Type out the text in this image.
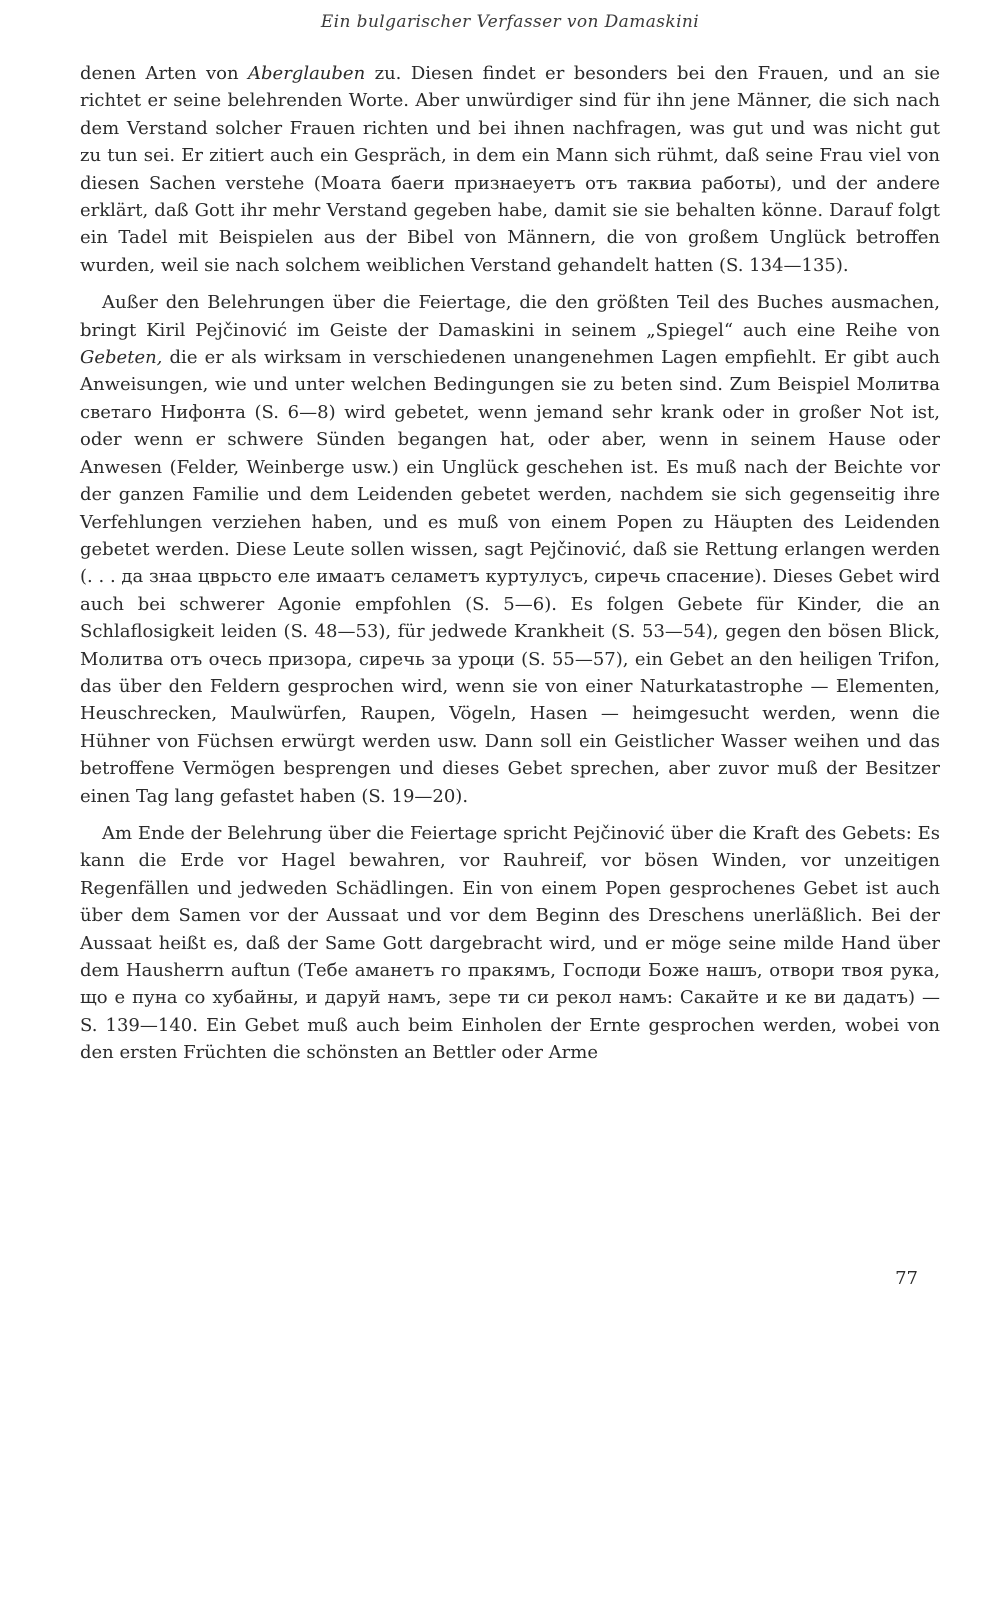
Ein bulgarischer Verfasser von Damaskini

denen Arten von Aberglauben zu. Diesen findet er besonders bei den Frauen, und an sie richtet er seine belehrenden Worte. Aber unwürdiger sind für ihn jene Männer, die sich nach dem Verstand solcher Frauen richten und bei ihnen nachfragen, was gut und was nicht gut zu tun sei. Er zitiert auch ein Gespräch, in dem ein Mann sich rühmt, daß seine Frau viel von diesen Sachen verstehe (Моата баеги признаеуетъ отъ таквиа работы), und der andere erklärt, daß Gott ihr mehr Verstand gegeben habe, damit sie sie behalten könne. Darauf folgt ein Tadel mit Beispielen aus der Bibel von Männern, die von großem Unglück betroffen wurden, weil sie nach solchem weiblichen Verstand gehandelt hatten (S. 134—135).

Außer den Belehrungen über die Feiertage, die den größten Teil des Buches ausmachen, bringt Kiril Pejčinović im Geiste der Damaskini in seinem „Spiegel“ auch eine Reihe von Gebeten, die er als wirksam in verschiedenen unangenehmen Lagen empfiehlt. Er gibt auch Anweisungen, wie und unter welchen Bedingungen sie zu beten sind. Zum Beispiel Молитва светаго Нифонта (S. 6—8) wird gebetet, wenn jemand sehr krank oder in großer Not ist, oder wenn er schwere Sünden begangen hat, oder aber, wenn in seinem Hause oder Anwesen (Felder, Weinberge usw.) ein Unglück geschehen ist. Es muß nach der Beichte vor der ganzen Familie und dem Leidenden gebetet werden, nachdem sie sich gegenseitig ihre Verfehlungen verziehen haben, und es muß von einem Popen zu Häupten des Leidenden gebetet werden. Diese Leute sollen wissen, sagt Pejčinović, daß sie Rettung erlangen werden (. . . да знаа цврьсто еле имаатъ селаметъ куртулусъ, сиречь спасение). Dieses Gebet wird auch bei schwerer Agonie empfohlen (S. 5—6). Es folgen Gebete für Kinder, die an Schlaflosigkeit leiden (S. 48—53), für jedwede Krankheit (S. 53—54), gegen den bösen Blick, Молитва отъ очесь призора, сиречь за уроци (S. 55—57), ein Gebet an den heiligen Trifon, das über den Feldern gesprochen wird, wenn sie von einer Naturkatastrophe — Elementen, Heuschrecken, Maulwürfen, Raupen, Vögeln, Hasen — heimgesucht werden, wenn die Hühner von Füchsen erwürgt werden usw. Dann soll ein Geistlicher Wasser weihen und das betroffene Vermögen besprengen und dieses Gebet sprechen, aber zuvor muß der Besitzer einen Tag lang gefastet haben (S. 19—20).

Am Ende der Belehrung über die Feiertage spricht Pejčinović über die Kraft des Gebets: Es kann die Erde vor Hagel bewahren, vor Rauhreif, vor bösen Winden, vor unzeitigen Regenfällen und jedweden Schädlingen. Ein von einem Popen gesprochenes Gebet ist auch über dem Samen vor der Aussaat und vor dem Beginn des Dreschens unerläßlich. Bei der Aussaat heißt es, daß der Same Gott dargebracht wird, und er möge seine milde Hand über dem Hausherrn auftun (Тебе аманетъ го пракямъ, Господи Боже нашъ, отвори твоя рука, що е пуна со хубайны, и даруй намъ, зере ти си рекол намъ: Сакайте и ке ви дадатъ) — S. 139—140. Ein Gebet muß auch beim Einholen der Ernte gesprochen werden, wobei von den ersten Früchten die schönsten an Bettler oder Arme

77
